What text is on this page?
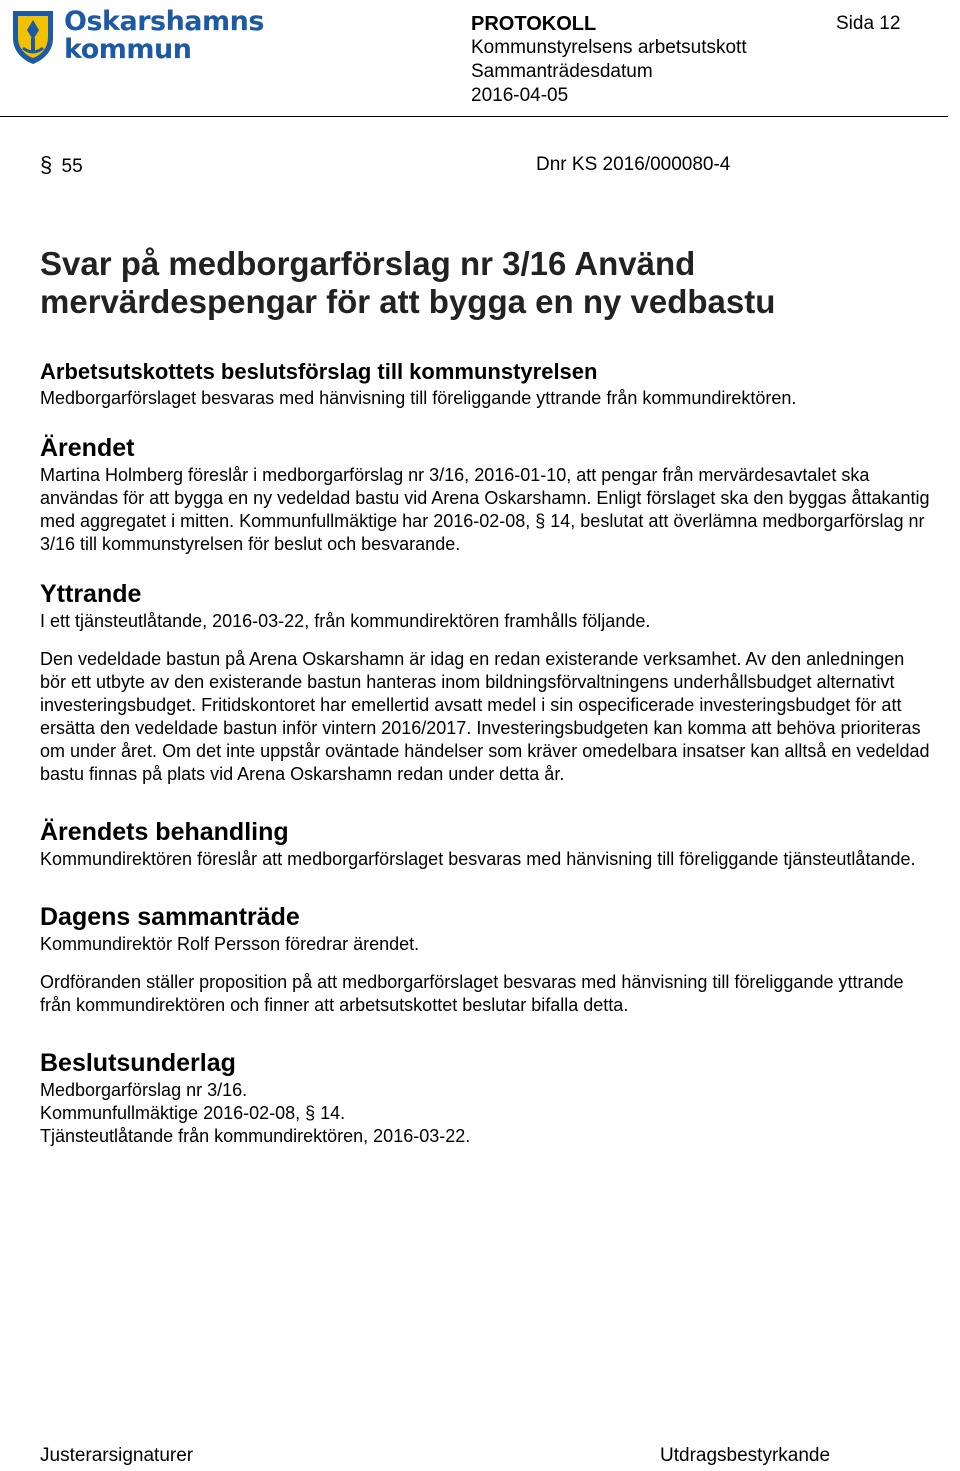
Oskarshamns
kommun
PROTOKOLL
Kommunstyrelsens arbetsutskott
Sammanträdesdatum
2016-04-05
Sida 12
§ 55	Dnr KS 2016/000080-4
Svar på medborgarförslag nr 3/16 Använd mervärdespengar för att bygga en ny vedbastu
Arbetsutskottets beslutsförslag till kommunstyrelsen

Medborgarförslaget besvaras med hänvisning till föreliggande yttrande från kommundirektören.

Ärendet

Martina Holmberg föreslår i medborgarförslag nr 3/16, 2016-01-10, att pengar från mervärdesavtalet ska användas för att bygga en ny vedeldad bastu vid Arena Oskarshamn. Enligt förslaget ska den byggas åttakantig med aggregatet i mitten. Kommunfullmäktige har 2016-02-08, § 14, beslutat att överlämna medborgarförslag nr 3/16 till kommunstyrelsen för beslut och besvarande.

Yttrande

I ett tjänsteutlåtande, 2016-03-22, från kommundirektören framhålls följande.

Den vedeldade bastun på Arena Oskarshamn är idag en redan existerande verksamhet. Av den anledningen bör ett utbyte av den existerande bastun hanteras inom bildningsförvaltningens underhållsbudget alternativt investeringsbudget. Fritidskontoret har emellertid avsatt medel i sin ospecificerade investeringsbudget för att ersätta den vedeldade bastun inför vintern 2016/2017. Investeringsbudgeten kan komma att behöva prioriteras om under året. Om det inte uppstår oväntade händelser som kräver omedelbara insatser kan alltså en vedeldad bastu finnas på plats vid Arena Oskarshamn redan under detta år.

Ärendets behandling

Kommundirektören föreslår att medborgarförslaget besvaras med hänvisning till föreliggande tjänsteutlåtande.

Dagens sammanträde

Kommundirektör Rolf Persson föredrar ärendet.

Ordföranden ställer proposition på att medborgarförslaget besvaras med hänvisning till föreliggande yttrande från kommundirektören och finner att arbetsutskottet beslutar bifalla detta.

Beslutsunderlag

Medborgarförslag nr 3/16.

Kommunfullmäktige 2016-02-08, § 14.

Tjänsteutlåtande från kommundirektören, 2016-03-22.

Justerarsignaturer	Utdragsbestyrkande
